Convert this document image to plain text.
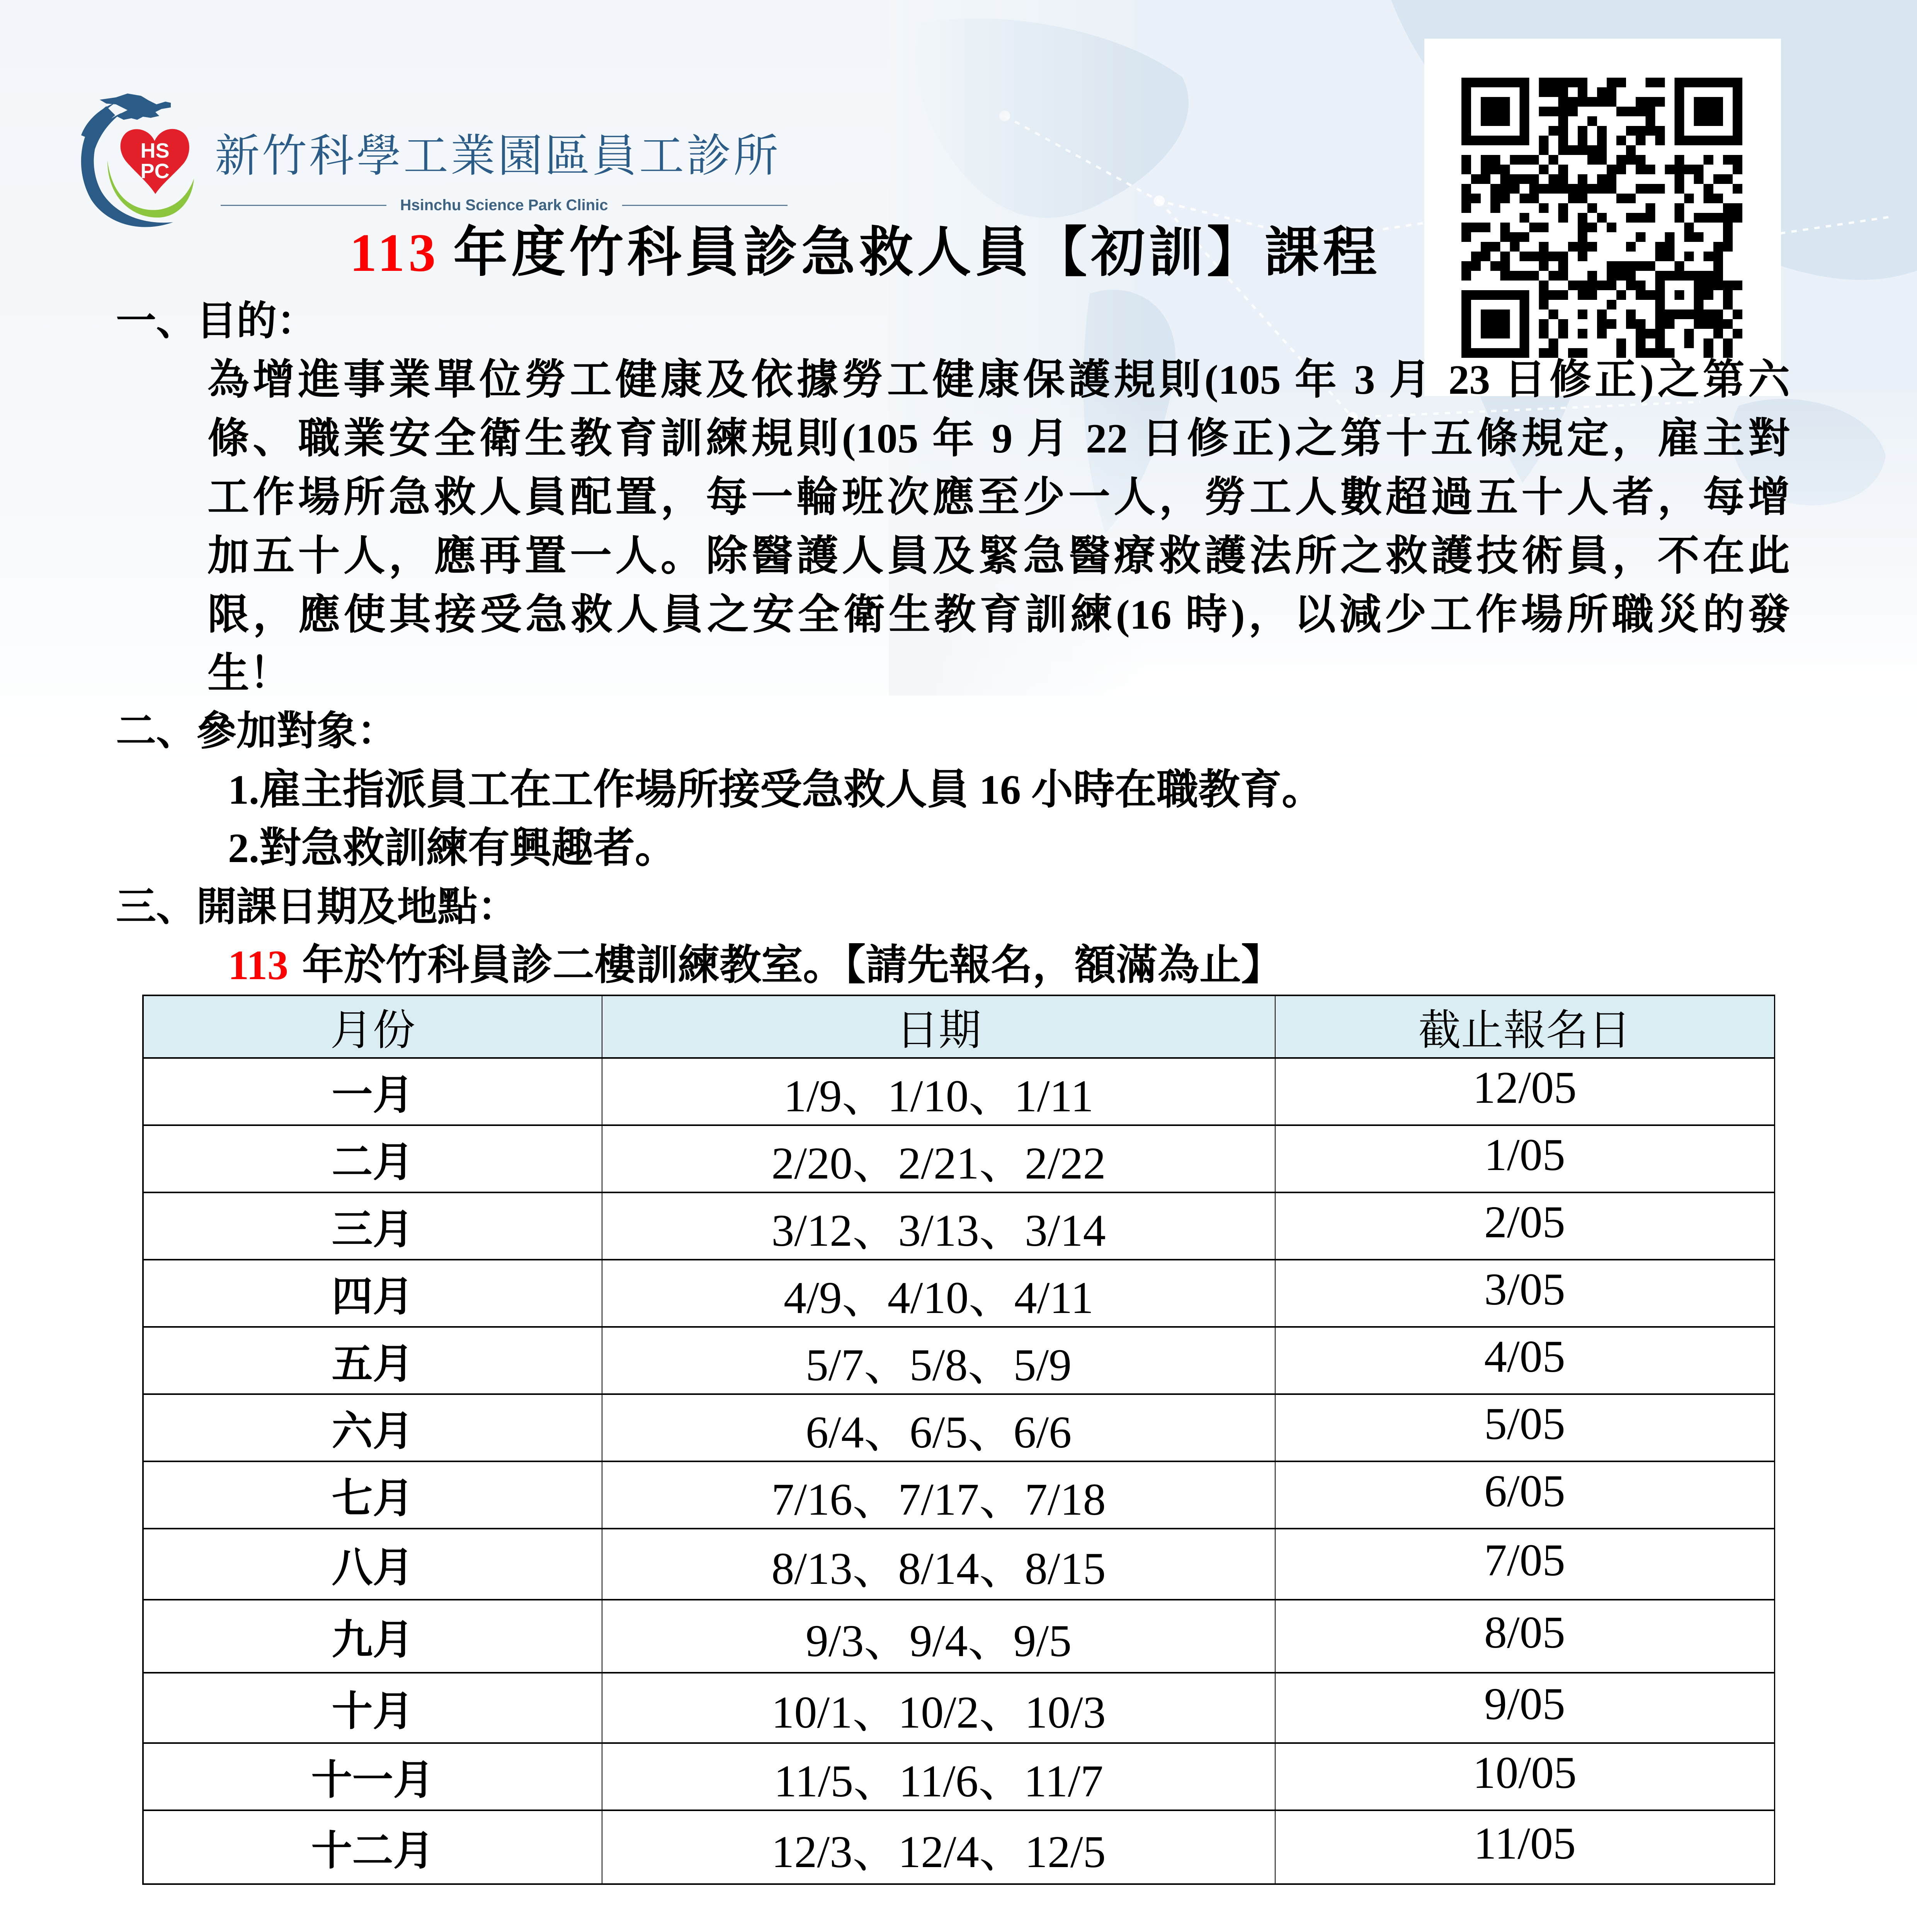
HS
PC 新竹科學工業園區員工診所
Hsinchu Science Park Clinic
113 年度竹科員診急救人員【初訓】課程
一、目的：
為增進事業單位勞工健康及依據勞工健康保護規則(105 年 3 月 23 日修正)之第六
條、職業安全衛生教育訓練規則(105 年 9 月 22 日修正)之第十五條規定，雇主對
工作場所急救人員配置，每一輪班次應至少一人，勞工人數超過五十人者，每增
加五十人，應再置一人。除醫護人員及緊急醫療救護法所之救護技術員，不在此
限，應使其接受急救人員之安全衛生教育訓練(16 時)，以減少工作場所職災的發
生！
二、參加對象：
1.雇主指派員工在工作場所接受急救人員 16 小時在職教育。
2.對急救訓練有興趣者。
三、開課日期及地點：
113 年於竹科員診二樓訓練教室。【請先報名，額滿為止】
月份	日期	截止報名日
一月	1/9、1/10、1/11	12/05
二月	2/20、2/21、2/22	1/05
三月	3/12、3/13、3/14	2/05
四月	4/9、4/10、4/11	3/05
五月	5/7、5/8、5/9	4/05
六月	6/4、6/5、6/6	5/05
七月	7/16、7/17、7/18	6/05
八月	8/13、8/14、8/15	7/05
九月	9/3、9/4、9/5	8/05
十月	10/1、10/2、10/3	9/05
十一月	11/5、11/6、11/7	10/05
十二月	12/3、12/4、12/5	11/05
